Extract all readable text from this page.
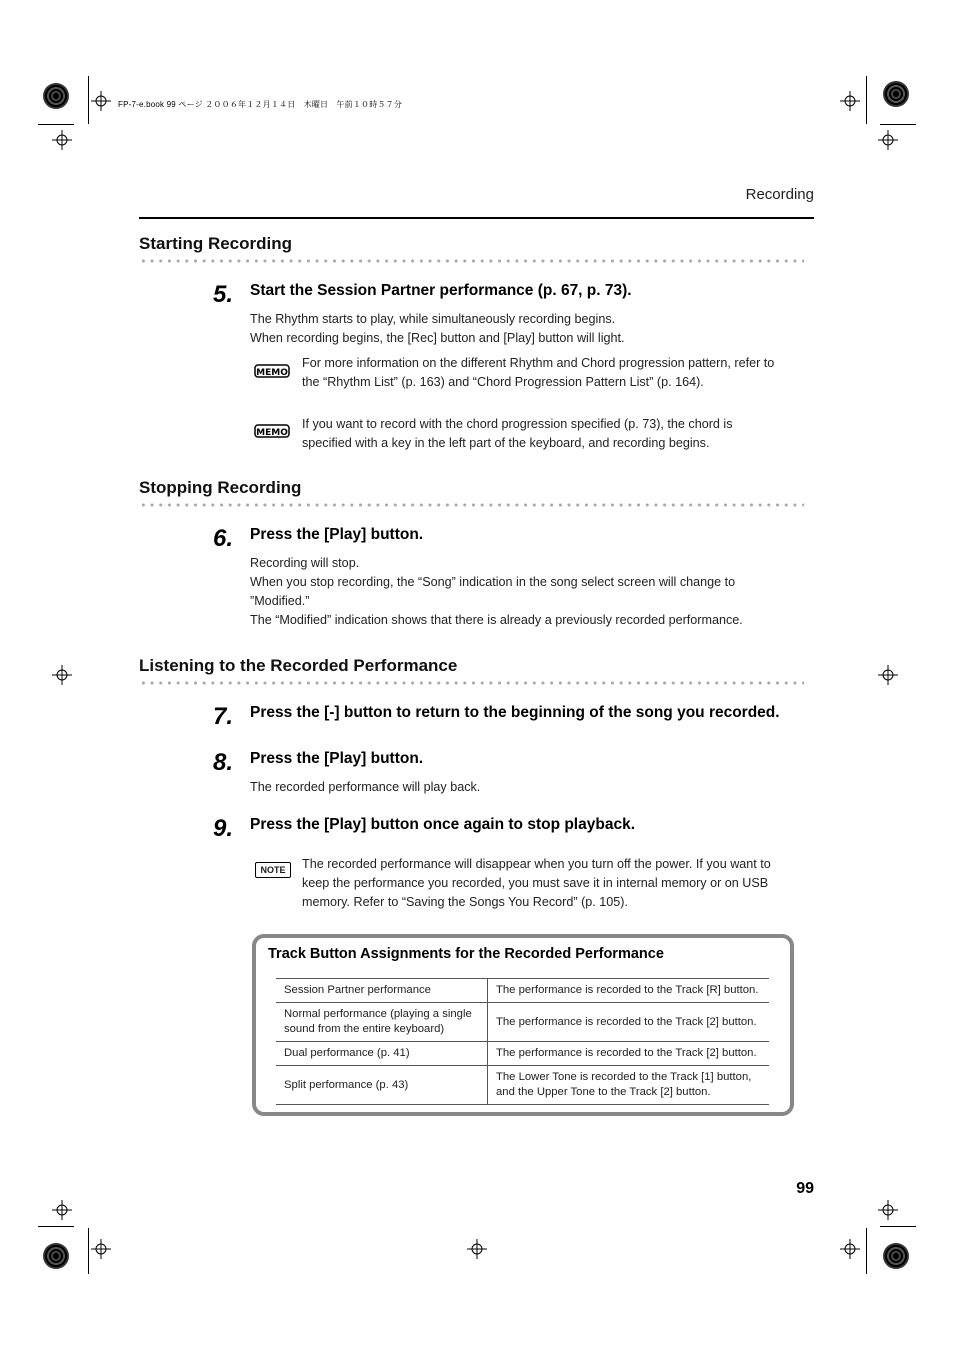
FP-7-e.book 99 ページ ２００６年１２月１４日　木曜日　午前１０時５７分
Recording
Starting Recording
5. Start the Session Partner performance (p. 67, p. 73).
The Rhythm starts to play, while simultaneously recording begins.
When recording begins, the [Rec] button and [Play] button will light.
MEMO
For more information on the different Rhythm and Chord progression pattern, refer to
the “Rhythm List” (p. 163) and “Chord Progression Pattern List” (p. 164).
MEMO
If you want to record with the chord progression specified (p. 73), the chord is
specified with a key in the left part of the keyboard, and recording begins.
Stopping Recording
6. Press the [Play] button.
Recording will stop.
When you stop recording, the “Song” indication in the song select screen will change to
”Modified.”
The “Modified” indication shows that there is already a previously recorded performance.
Listening to the Recorded Performance
7. Press the [-] button to return to the beginning of the song you recorded.
8. Press the [Play] button.
The recorded performance will play back.
9. Press the [Play] button once again to stop playback.
NOTE	The recorded performance will disappear when you turn off the power. If you want to
keep the performance you recorded, you must save it in internal memory or on USB
memory. Refer to “Saving the Songs You Record” (p. 105).
Track Button Assignments for the Recorded Performance
Session Partner performance	The performance is recorded to the Track [R] button.
Normal performance (playing a single sound from the entire keyboard)	The performance is recorded to the Track [2] button.
Dual performance (p. 41)	The performance is recorded to the Track [2] button.
Split performance (p. 43)	The Lower Tone is recorded to the Track [1] button, and the Upper Tone to the Track [2] button.
99
